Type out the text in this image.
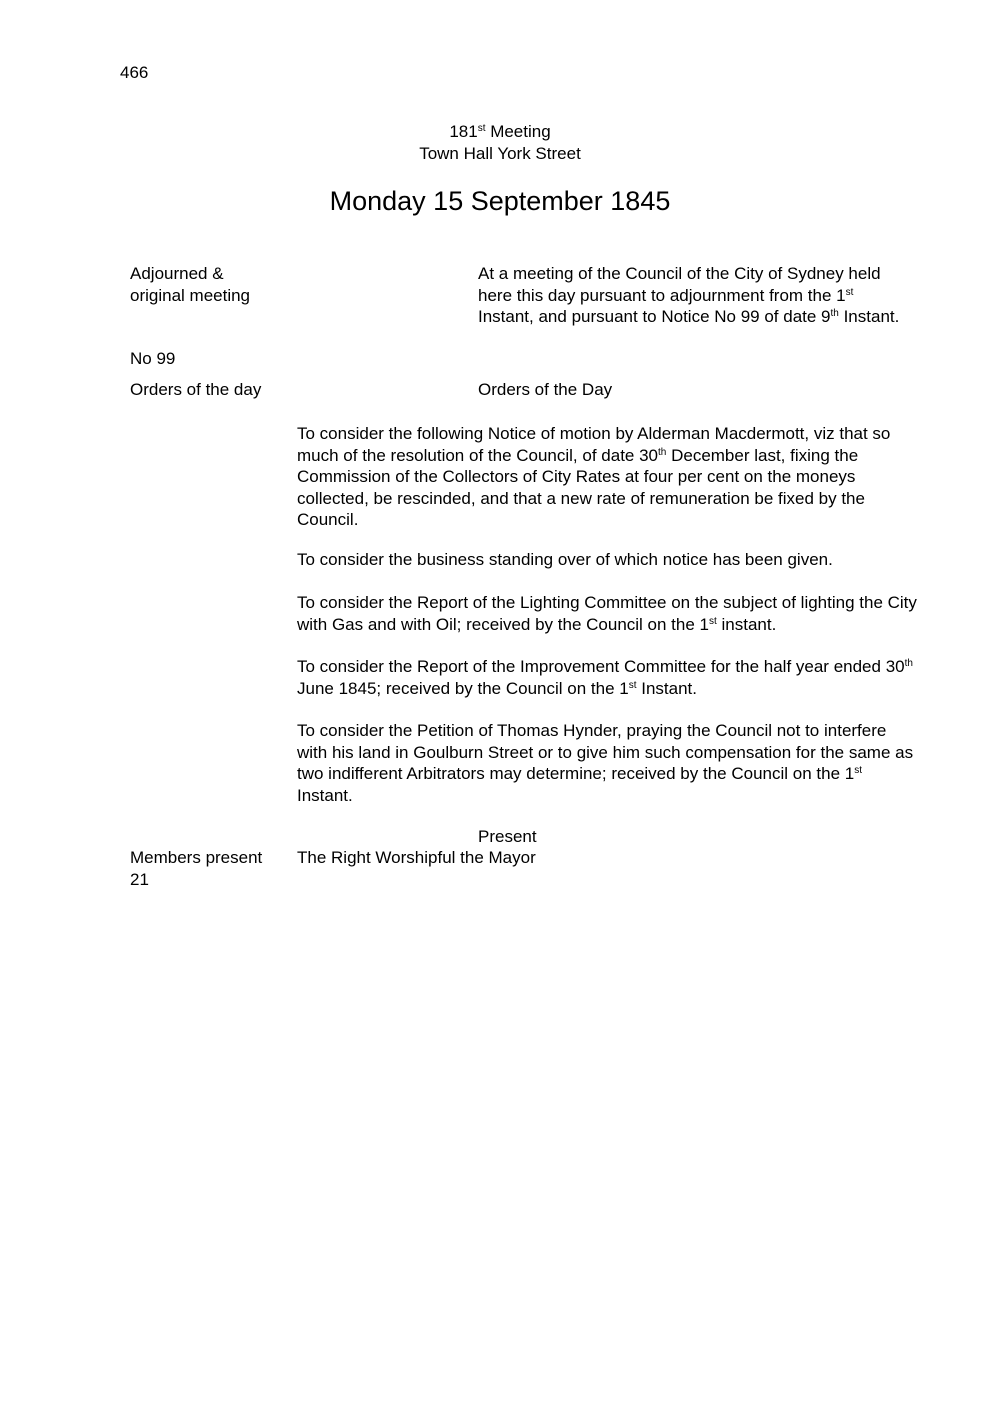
466
181st Meeting
Town Hall York Street
Monday 15 September 1845
Adjourned &
original meeting
No 99
Orders of the day

At a meeting of the Council of the City of Sydney held here this day pursuant to adjournment from the 1st Instant, and pursuant to Notice No 99 of date 9th Instant.

Orders of the Day

To consider the following Notice of motion by Alderman Macdermott, viz that so much of the resolution of the Council, of date 30th December last, fixing the Commission of the Collectors of City Rates at four per cent on the moneys collected, be rescinded, and that a new rate of remuneration be fixed by the Council.

To consider the business standing over of which notice has been given.

To consider the Report of the Lighting Committee on the subject of lighting the City with Gas and with Oil; received by the Council on the 1st instant.

To consider the Report of the Improvement Committee for the half year ended 30th June 1845; received by the Council on the 1st Instant.

To consider the Petition of Thomas Hynder, praying the Council not to interfere with his land in Goulburn Street or to give him such compensation for the same as two indifferent Arbitrators may determine; received by the Council on the 1st Instant.

Present
Members present
21
The Right Worshipful the Mayor
